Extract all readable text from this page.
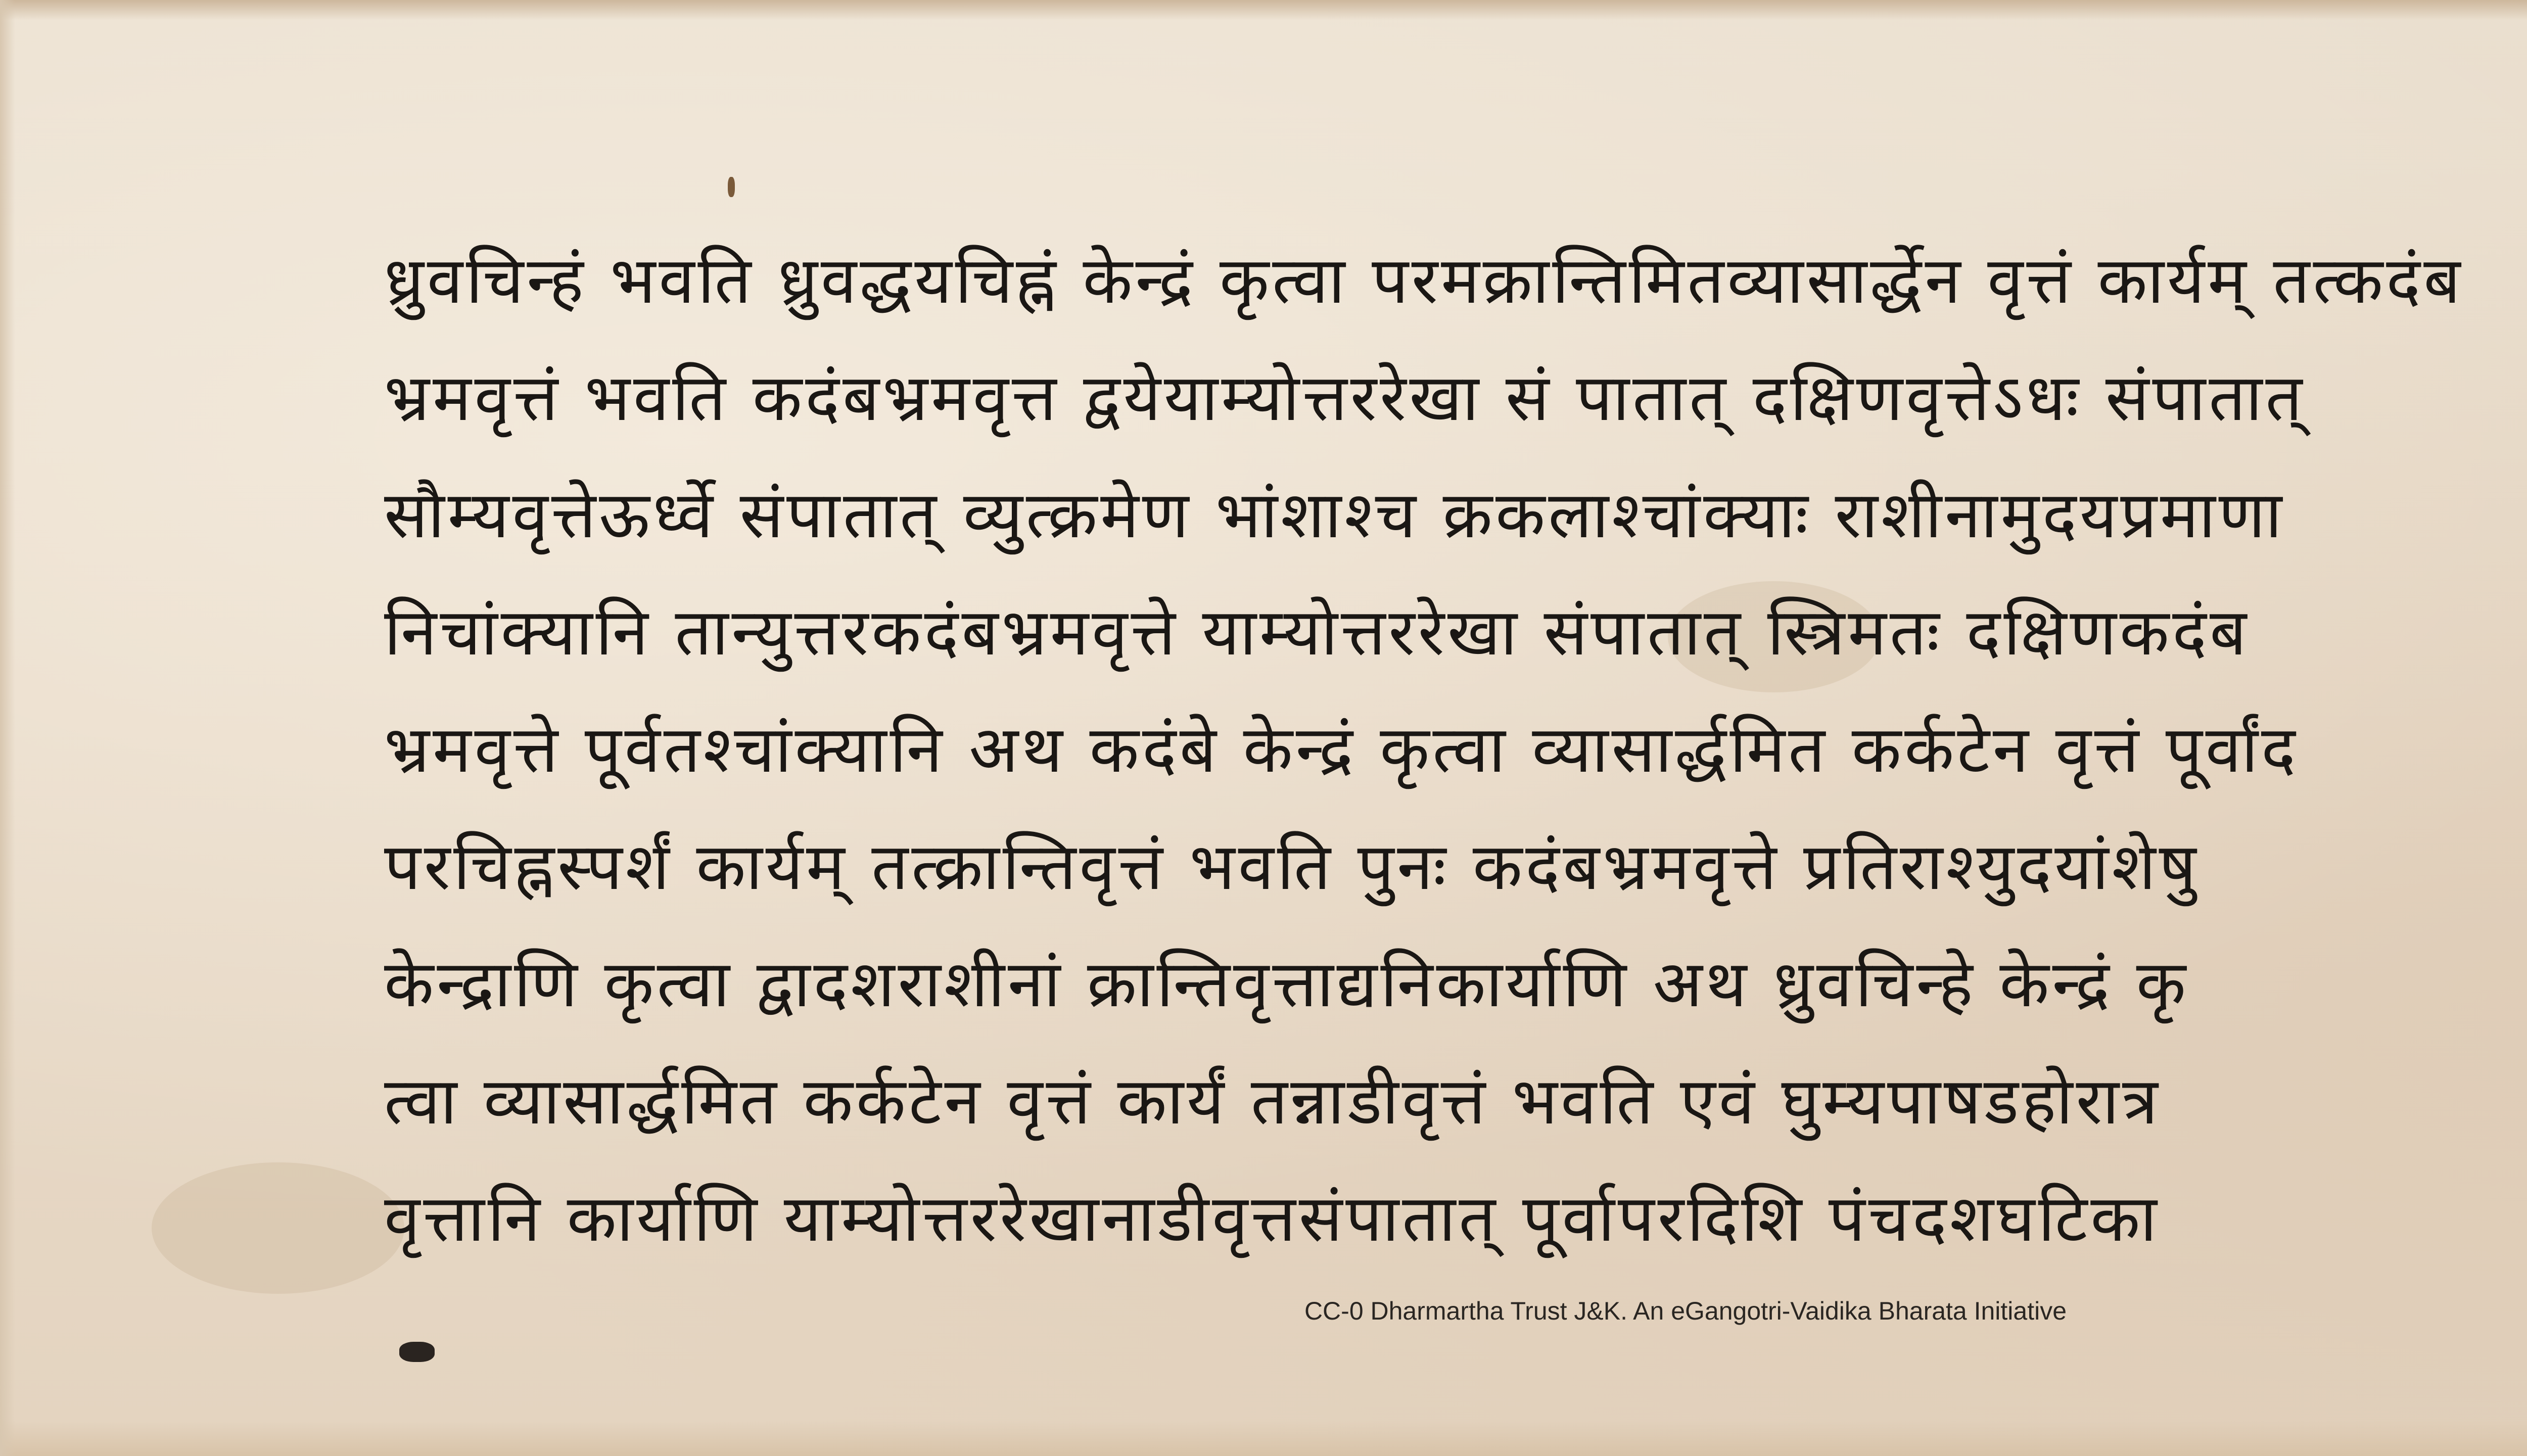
ध्रुवचिन्हं भवति ध्रुवद्धयचिह्नं केन्द्रं कृत्वा परमक्रान्तिमितव्यासार्द्धेन वृत्तं कार्यम् तत्कदंब
भ्रमवृत्तं भवति कदंबभ्रमवृत्त द्वयेयाम्योत्तररेखा सं पातात् दक्षिणवृत्तेऽधः संपातात्
सौम्यवृत्तेऊर्ध्वे संपातात् व्युत्क्रमेण भांशाश्च क्रकलाश्चांक्याः राशीनामुदयप्रमाणा
निचांक्यानि तान्युत्तरकदंबभ्रमवृत्ते याम्योत्तररेखा संपातात् स्त्रिमतः दक्षिणकदंब
भ्रमवृत्ते पूर्वतश्चांक्यानि अथ कदंबे केन्द्रं कृत्वा व्यासार्द्धमित कर्कटेन वृत्तं पूर्वांद
परचिह्नस्पर्शं कार्यम् तत्क्रान्तिवृत्तं भवति पुनः कदंबभ्रमवृत्ते प्रतिराश्युदयांशेषु
केन्द्राणि कृत्वा द्वादशराशीनां क्रान्तिवृत्ताद्यनिकार्याणि अथ ध्रुवचिन्हे केन्द्रं कृ
त्वा व्यासार्द्धमित कर्कटेन वृत्तं कार्यं तन्नाडीवृत्तं भवति एवं घुम्यपाषडहोरात्र
वृत्तानि कार्याणि याम्योत्तररेखानाडीवृत्तसंपातात् पूर्वापरदिशि पंचदशघटिका
CC-0 Dharmartha Trust J&K. An eGangotri-Vaidika Bharata Initiative
